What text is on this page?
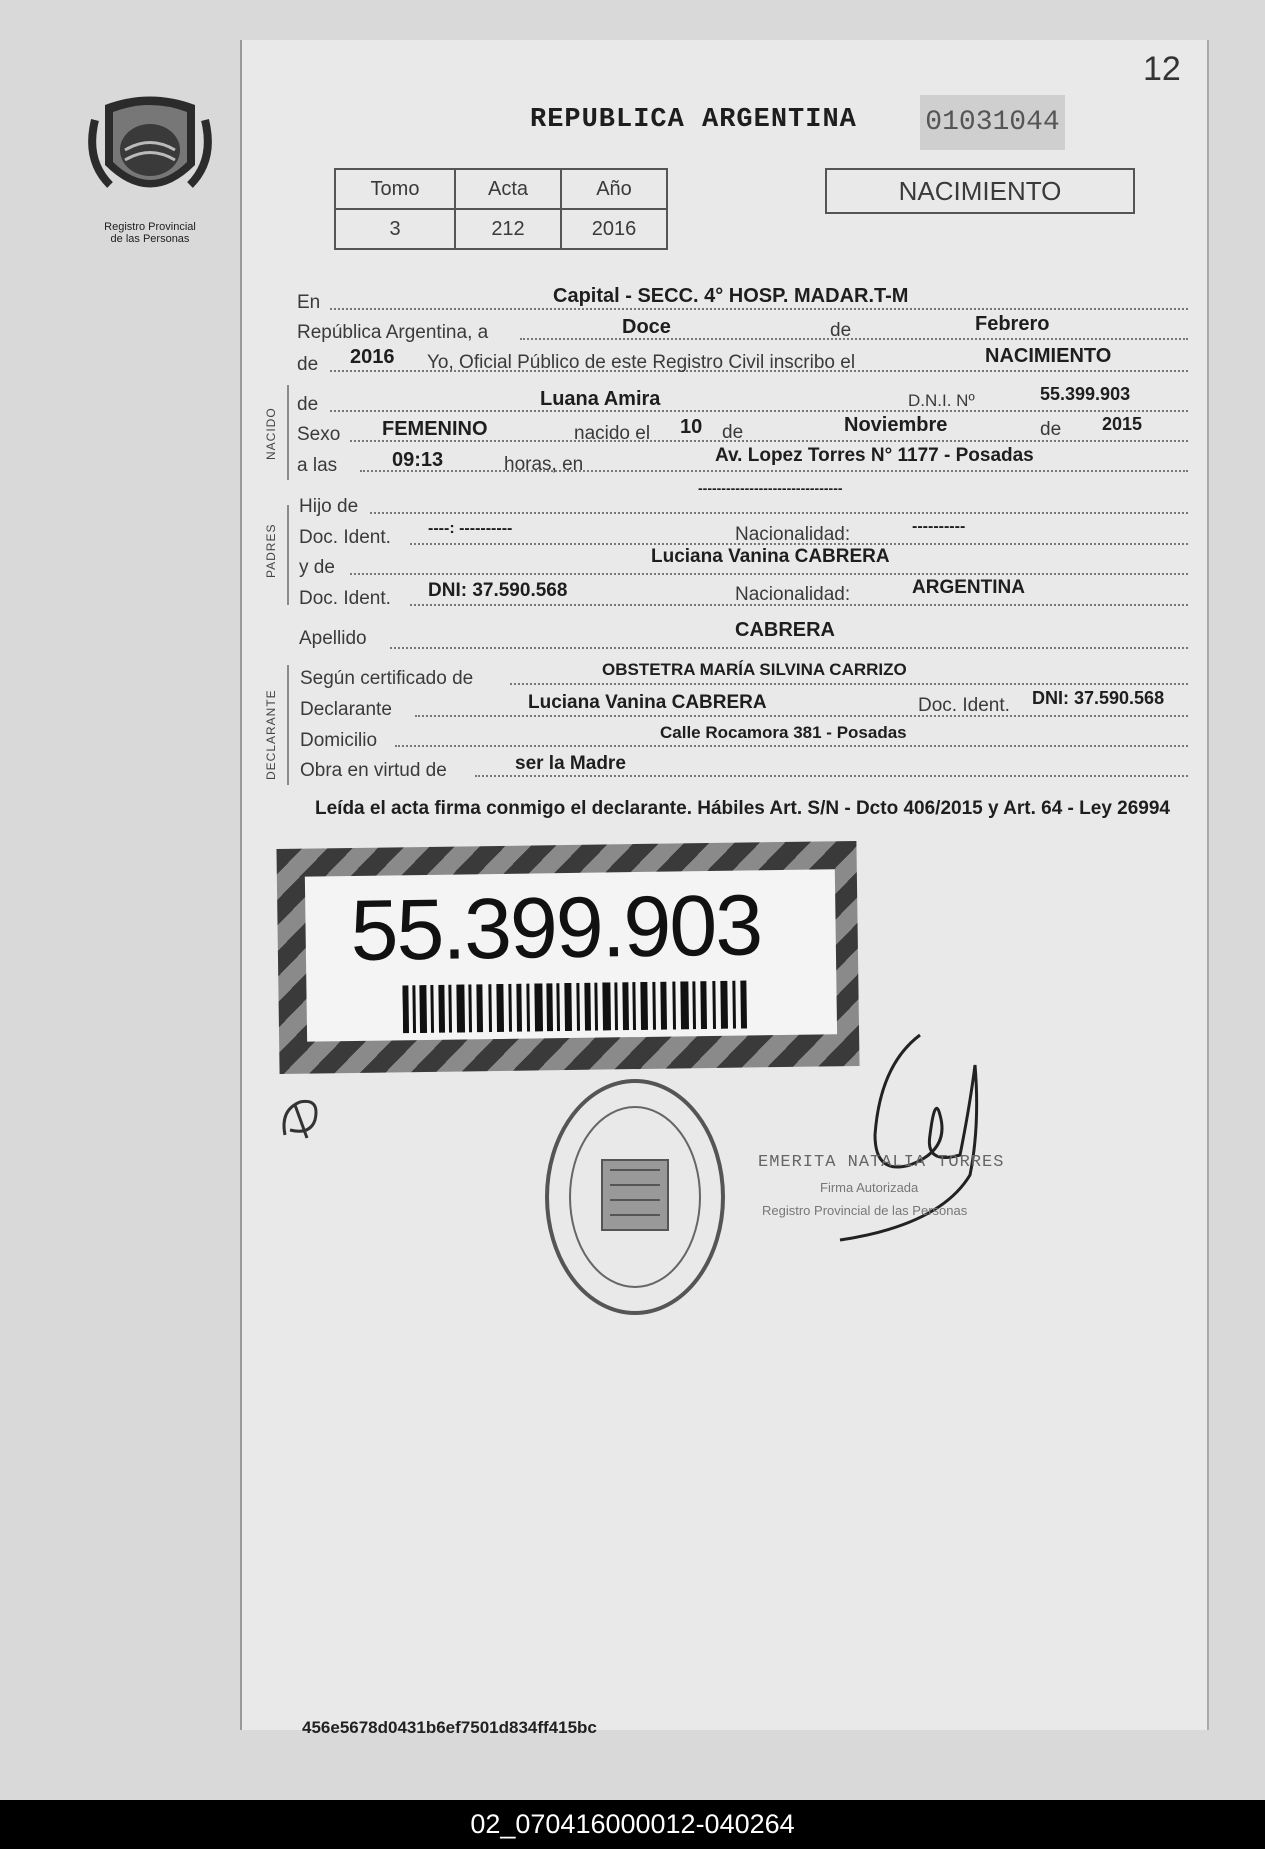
Registro Provincial
de las Personas
12
REPUBLICA ARGENTINA 01031044
NACIMIENTO
Tomo	Acta	Año
3	212	2016
NACIDO
PADRES
DECLARANTE
En	Capital - SECC. 4° HOSP. MADAR.T-M
República Argentina, a	Doce	de	Febrero
de 2016 Yo, Oficial Público de este Registro Civil inscribo el	NACIMIENTO
de	Luana Amira	D.N.I. Nº	55.399.903
Sexo FEMENINO	nacido el 10 de	Noviembre	de 2015
a las	09:13	horas, en	Av. Lopez Torres N° 1177 - Posadas
Hijo de
-------------------------------
Doc. Ident. ----: ----------	Nacionalidad:	----------
y de
Luciana Vanina CABRERA
Doc. Ident. DNI: 37.590.568	Nacionalidad:	ARGENTINA
Apellido	CABRERA
Según certificado de	OBSTETRA MARÍA SILVINA CARRIZO
Declarante	Luciana Vanina CABRERA	Doc. Ident. DNI: 37.590.568
Domicilio	Calle Rocamora 381 - Posadas
Obra en virtud de	ser la Madre
Leída el acta firma conmigo el declarante. Hábiles Art. S/N - Dcto 406/2015 y Art. 64 - Ley 26994
55.399.903
EMERITA NATALIA TORRES
Firma Autorizada
Registro Provincial de las Personas
456e5678d0431b6ef7501d834ff415bc
02_070416000012-040264
